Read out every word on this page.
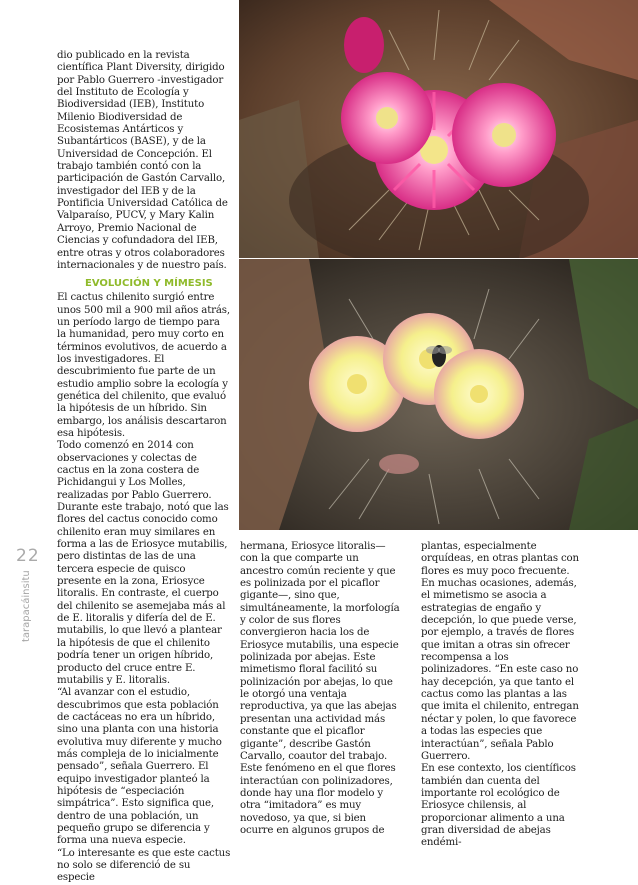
dio publicado en la revista científica Plant Diversity, dirigido por Pablo Guerrero -investigador del Instituto de Ecología y Biodiversidad (IEB), Instituto Milenio Biodiversidad de Ecosistemas Antárticos y Subantárticos (BASE), y de la Universidad de Concepción. El trabajo también contó con la participación de Gastón Carvallo, investigador del IEB y de la Pontificia Universidad Católica de Valparaíso, PUCV, y Mary Kalin Arroyo, Premio Nacional de Ciencias y cofundadora del IEB, entre otras y otros colaboradores internacionales y de nuestro país.

EVOLUCIÓN Y MÍMESIS

El cactus chilenito surgió entre unos 500 mil a 900 mil años atrás, un período largo de tiempo para la humanidad, pero muy corto en términos evolutivos, de acuerdo a los investigadores. El descubrimiento fue parte de un estudio amplio sobre la ecología y genética del chilenito, que evaluó la hipótesis de un híbrido. Sin embargo, los análisis descartaron esa hipótesis.

Todo comenzó en 2014 con observaciones y colectas de cactus en la zona costera de Pichidangui y Los Molles, realizadas por Pablo Guerrero. Durante este trabajo, notó que las flores del cactus conocido como chilenito eran muy similares en forma a las de Eriosyce mutabilis, pero distintas de las de una tercera especie de quisco presente en la zona, Eriosyce litoralis. En contraste, el cuerpo del chilenito se asemejaba más al de E. litoralis y difería del de E. mutabilis, lo que llevó a plantear la hipótesis de que el chilenito podría tener un origen híbrido, producto del cruce entre E. mutabilis y E. litoralis.

“Al avanzar con el estudio, descubrimos que esta población de cactáceas no era un híbrido, sino una planta con una historia evolutiva muy diferente y mucho más compleja de lo inicialmente pensado”, señala Guerrero. El equipo investigador planteó la hipótesis de “especiación simpátrica”. Esto significa que, dentro de una población, un pequeño grupo se diferencia y forma una nueva especie.

“Lo interesante es que este cactus no solo se diferenció de su especie

hermana, Eriosyce litoralis—con la que comparte un ancestro común reciente y que es polinizada por el picaflor gigante—, sino que, simultáneamente, la morfología y color de sus flores convergieron hacia los de Eriosyce mutabilis, una especie polinizada por abejas. Este mimetismo floral facilitó su polinización por abejas, lo que le otorgó una ventaja reproductiva, ya que las abejas presentan una actividad más constante que el picaflor gigante”, describe Gastón Carvallo, coautor del trabajo.

Este fenómeno en el que flores interactúan con polinizadores, donde hay una flor modelo y otra “imitadora” es muy novedoso, ya que, si bien ocurre en algunos grupos de

plantas, especialmente orquídeas, en otras plantas con flores es muy poco frecuente. En muchas ocasiones, además, el mimetismo se asocia a estrategias de engaño y decepción, lo que puede verse, por ejemplo, a través de flores que imitan a otras sin ofrecer recompensa a los polinizadores. “En este caso no hay decepción, ya que tanto el cactus como las plantas a las que imita el chilenito, entregan néctar y polen, lo que favorece a todas las especies que interactúan”, señala Pablo Guerrero.

En ese contexto, los científicos también dan cuenta del importante rol ecológico de Eriosyce chilensis, al proporcionar alimento a una gran diversidad de abejas endémi-

22
tarapacáinsitu
